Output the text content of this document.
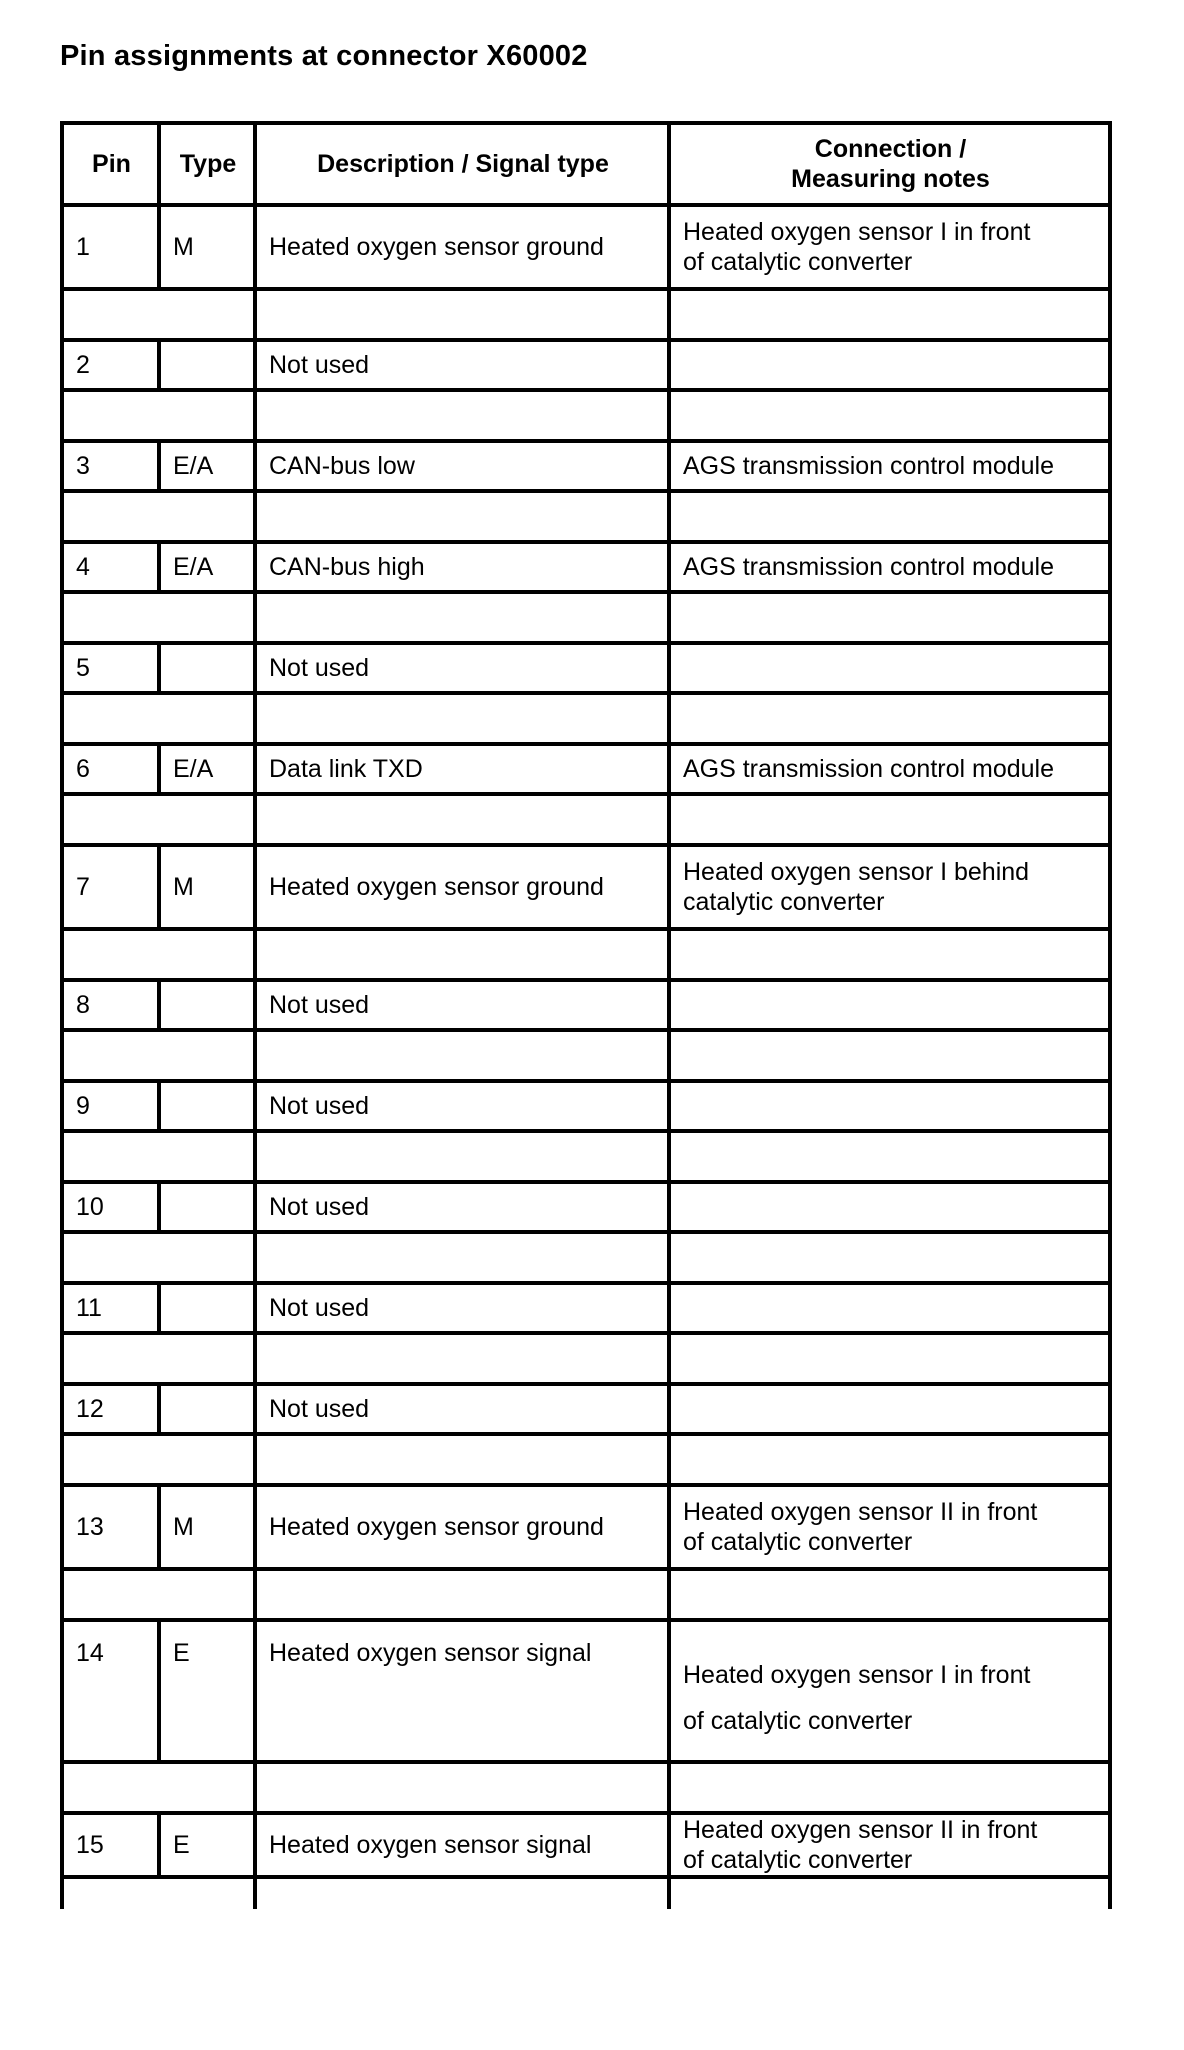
Pin assignments at connector X60002
Pin	Type	Description / Signal type	Connection /
Measuring notes
1	M	Heated oxygen sensor ground	Heated oxygen sensor I in front
of catalytic converter

2		Not used	

3	E/A	CAN-bus low	AGS transmission control module

4	E/A	CAN-bus high	AGS transmission control module

5		Not used	

6	E/A	Data link TXD	AGS transmission control module

7	M	Heated oxygen sensor ground	Heated oxygen sensor I behind
catalytic converter

8		Not used	

9		Not used	

10		Not used	

11		Not used	

12		Not used	

13	M	Heated oxygen sensor ground	Heated oxygen sensor II in front
of catalytic converter

14	E	Heated oxygen sensor signal	Heated oxygen sensor I in front
of catalytic converter

15	E	Heated oxygen sensor signal	Heated oxygen sensor II in front
of catalytic converter
